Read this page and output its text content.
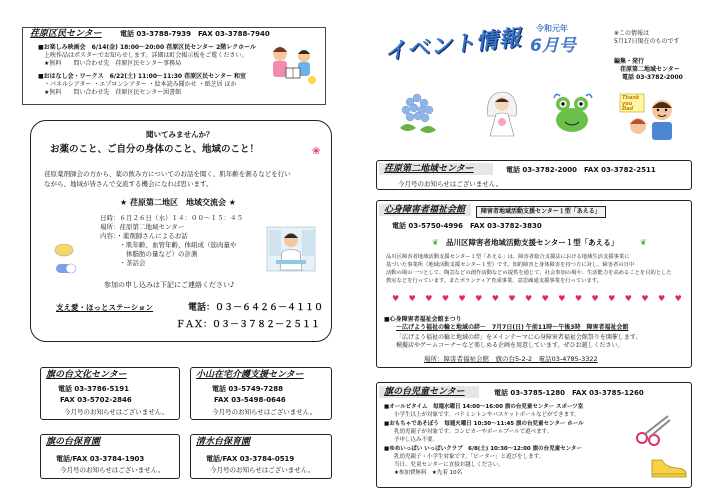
荏原区民センター	電話 03-3788-7939　FAX 03-3788-7940
■お楽しみ映画会　6/14(金) 18:00～20:00 荏原区民センター 2階レクホール
上映作品はポスターでお知らせします。詳細は町会掲示板をご覧ください。
★無料　　問い合わせ先　荏原区民センター事務局
■おはなし会・ワークス　6/22(土) 11:00～11:30 荏原区民センター 和室
・パネルシアター ・エプロンシアター ・絵本読み聞かせ ・紙芝居 ほか
★無料　　問い合わせ先　荏原区民センター図書館
聞いてみませんか？
お薬のこと、ご自分の身体のこと、地域のこと！	❀
荏原薬剤師会の方から、薬の飲み方についてのお話を聞く、肌年齢を測るなどを行い
ながら、地域が皆さんで交流する機会になれば思います。
★ 荏原第二地区　地域交流会 ★
日時：６月２６日（水）１４：００～１５：４５
場所：荏原第二地域センター
内容：・薬剤師さんによるお話
　　　・肌年齢、血管年齢、体組成（筋肉量や
　　　　体脂肪の量など）の計測
　　　・茶話会
参加の申し込みは下記にご連絡ください♪
支え愛・ほっとステーション	電話：０３－６４２６－４１１０
ＦＡＸ：０３－３７８２－２５１１
旗の台文化センター
電話 03-3786-5191
FAX 03-5702-2846
今月号のお知らせはございません。
小山在宅介護支援センター
電話 03-5749-7288
FAX 03-5498-0646
今月号のお知らせはございません。
旗の台保育園
電話/FAX 03-3784-1903
今月号のお知らせはございません。
清水台保育園
電話/FAX 03-3784-0519
今月号のお知らせはございません。
イベント情報 令和元年
6月号
※この情報は
5月17日現在のものです
編集・発行
荏原第二地域センター
電話 03-3782-2000
Thank you Dad
荏原第二地域センター	電話 03-3782-2000　FAX 03-3782-2511
今月号のお知らせはございません。
心身障害者福祉会館	障害者地域活動支援センター１型「あえる」
電話 03-5750-4996　FAX 03-3782-3830
品川区障害者地域活動支援センター１型「あえる」
❦	❦
品川区障害者地域活動支援センター１型「あえる」は、障害者総合支援法における地域生活支援事業に
基づいた事業所（地域活動支援センター１型）です。知的障害と身体障害を持つ方に対し、障害者の日中
活動の場の一つとして、陶芸などの創作活動などの提供を通じて、社会参加の場や、生活能力を高めることを目的とした
教室などを行っています。またボランティア育成事業、意思疎通支援事業を行っています。
♥ ♥ ♥ ♥ ♥ ♥ ♥ ♥ ♥ ♥ ♥ ♥ ♥ ♥ ♥ ♥ ♥ ♥
■心身障害者福祉会館まつり
～広げよう福祉の輪と地域の絆～　7月7日(日) 午前11時～午後3時　障害者福祉会館
「広げよう福祉の輪と地域の絆」をメインテーマに心身障害者福祉会館祭りを開催します。
模擬店やゲームコーナーなど楽しめる企画を用意しています。ぜひお越しください。
場所：障害者福祉会館　旗の台5-2-2　電話03-4785-3322
旗の台児童センター	電話 03-3785-1280　FAX 03-3785-1260
■オールビタイム　毎週水曜日 14:00～16:00 旗の台児童センター スポーツ室
小学生以上が対象です。バドミントンやバスケットボールなどができます。
■おもちゃであそぼう　毎週火曜日 10:30～11:45 旗の台児童センター ホール
乳幼児親子が対象です。コンビカーやボールプールで遊べます。
予申し込み不要。
■ゆめいっぱい いっぱいクラブ　6/8(土) 10:30～12:00 旗の台児童センター
乳幼児親子・小学生対象です。「ピーター」と遊びをします。
当日、児童センターに直接お越しください。
★参加費無料　★先着 10名
